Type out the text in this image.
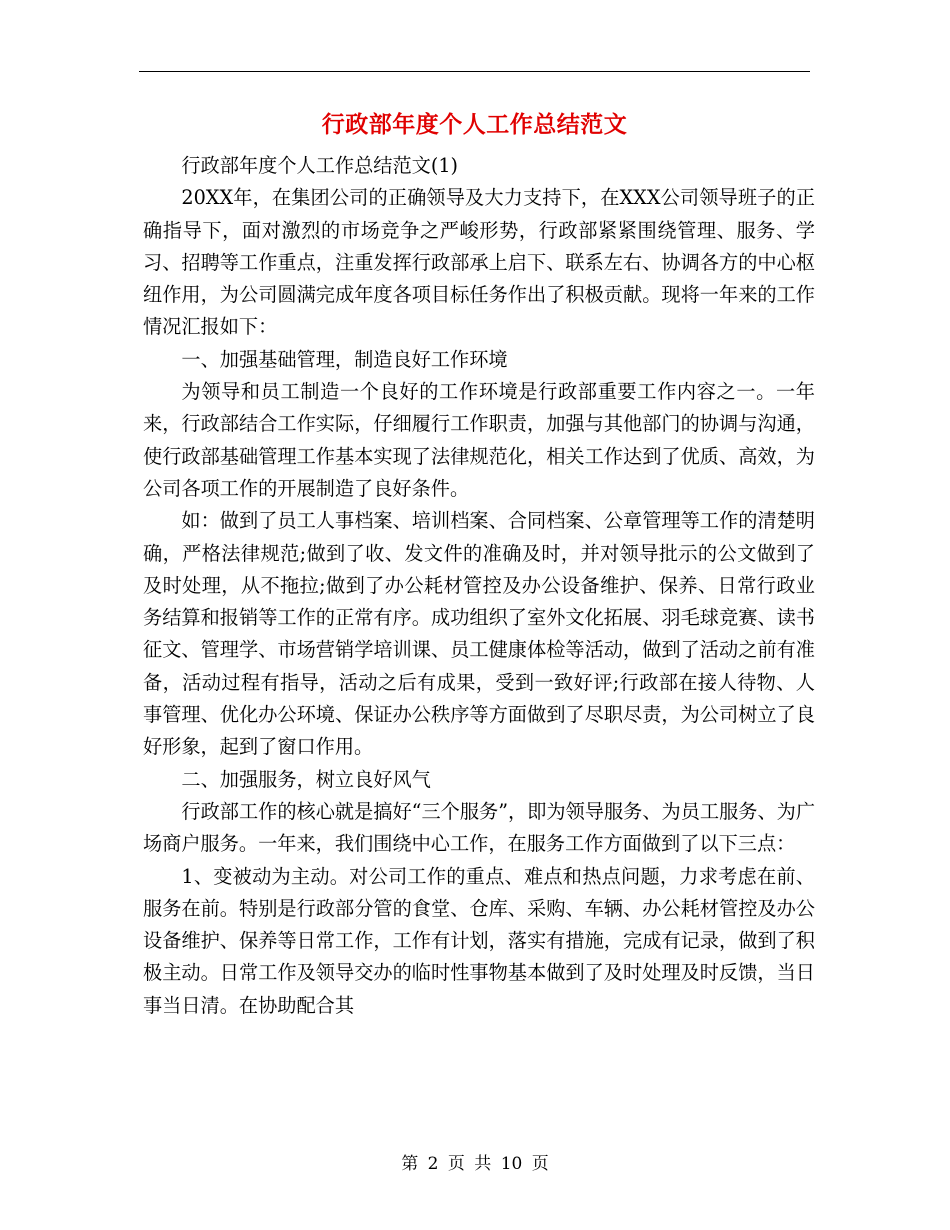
行政部年度个人工作总结范文

行政部年度个人工作总结范文(1)

20XX年，在集团公司的正确领导及大力支持下，在XXX公司领导班子的正确指导下，面对激烈的市场竞争之严峻形势，行政部紧紧围绕管理、服务、学习、招聘等工作重点，注重发挥行政部承上启下、联系左右、协调各方的中心枢纽作用，为公司圆满完成年度各项目标任务作出了积极贡献。现将一年来的工作情况汇报如下：

一、加强基础管理，制造良好工作环境

为领导和员工制造一个良好的工作环境是行政部重要工作内容之一。一年来，行政部结合工作实际，仔细履行工作职责，加强与其他部门的协调与沟通，使行政部基础管理工作基本实现了法律规范化，相关工作达到了优质、高效，为公司各项工作的开展制造了良好条件。

如：做到了员工人事档案、培训档案、合同档案、公章管理等工作的清楚明确，严格法律规范;做到了收、发文件的准确及时，并对领导批示的公文做到了及时处理，从不拖拉;做到了办公耗材管控及办公设备维护、保养、日常行政业务结算和报销等工作的正常有序。成功组织了室外文化拓展、羽毛球竞赛、读书征文、管理学、市场营销学培训课、员工健康体检等活动，做到了活动之前有准备，活动过程有指导，活动之后有成果，受到一致好评;行政部在接人待物、人事管理、优化办公环境、保证办公秩序等方面做到了尽职尽责，为公司树立了良好形象，起到了窗口作用。

二、加强服务，树立良好风气

行政部工作的核心就是搞好“三个服务”，即为领导服务、为员工服务、为广场商户服务。一年来，我们围绕中心工作，在服务工作方面做到了以下三点：

1、变被动为主动。对公司工作的重点、难点和热点问题，力求考虑在前、服务在前。特别是行政部分管的食堂、仓库、采购、车辆、办公耗材管控及办公设备维护、保养等日常工作，工作有计划，落实有措施，完成有记录，做到了积极主动。日常工作及领导交办的临时性事物基本做到了及时处理及时反馈，当日事当日清。在协助配合其

第 2 页 共 10 页
